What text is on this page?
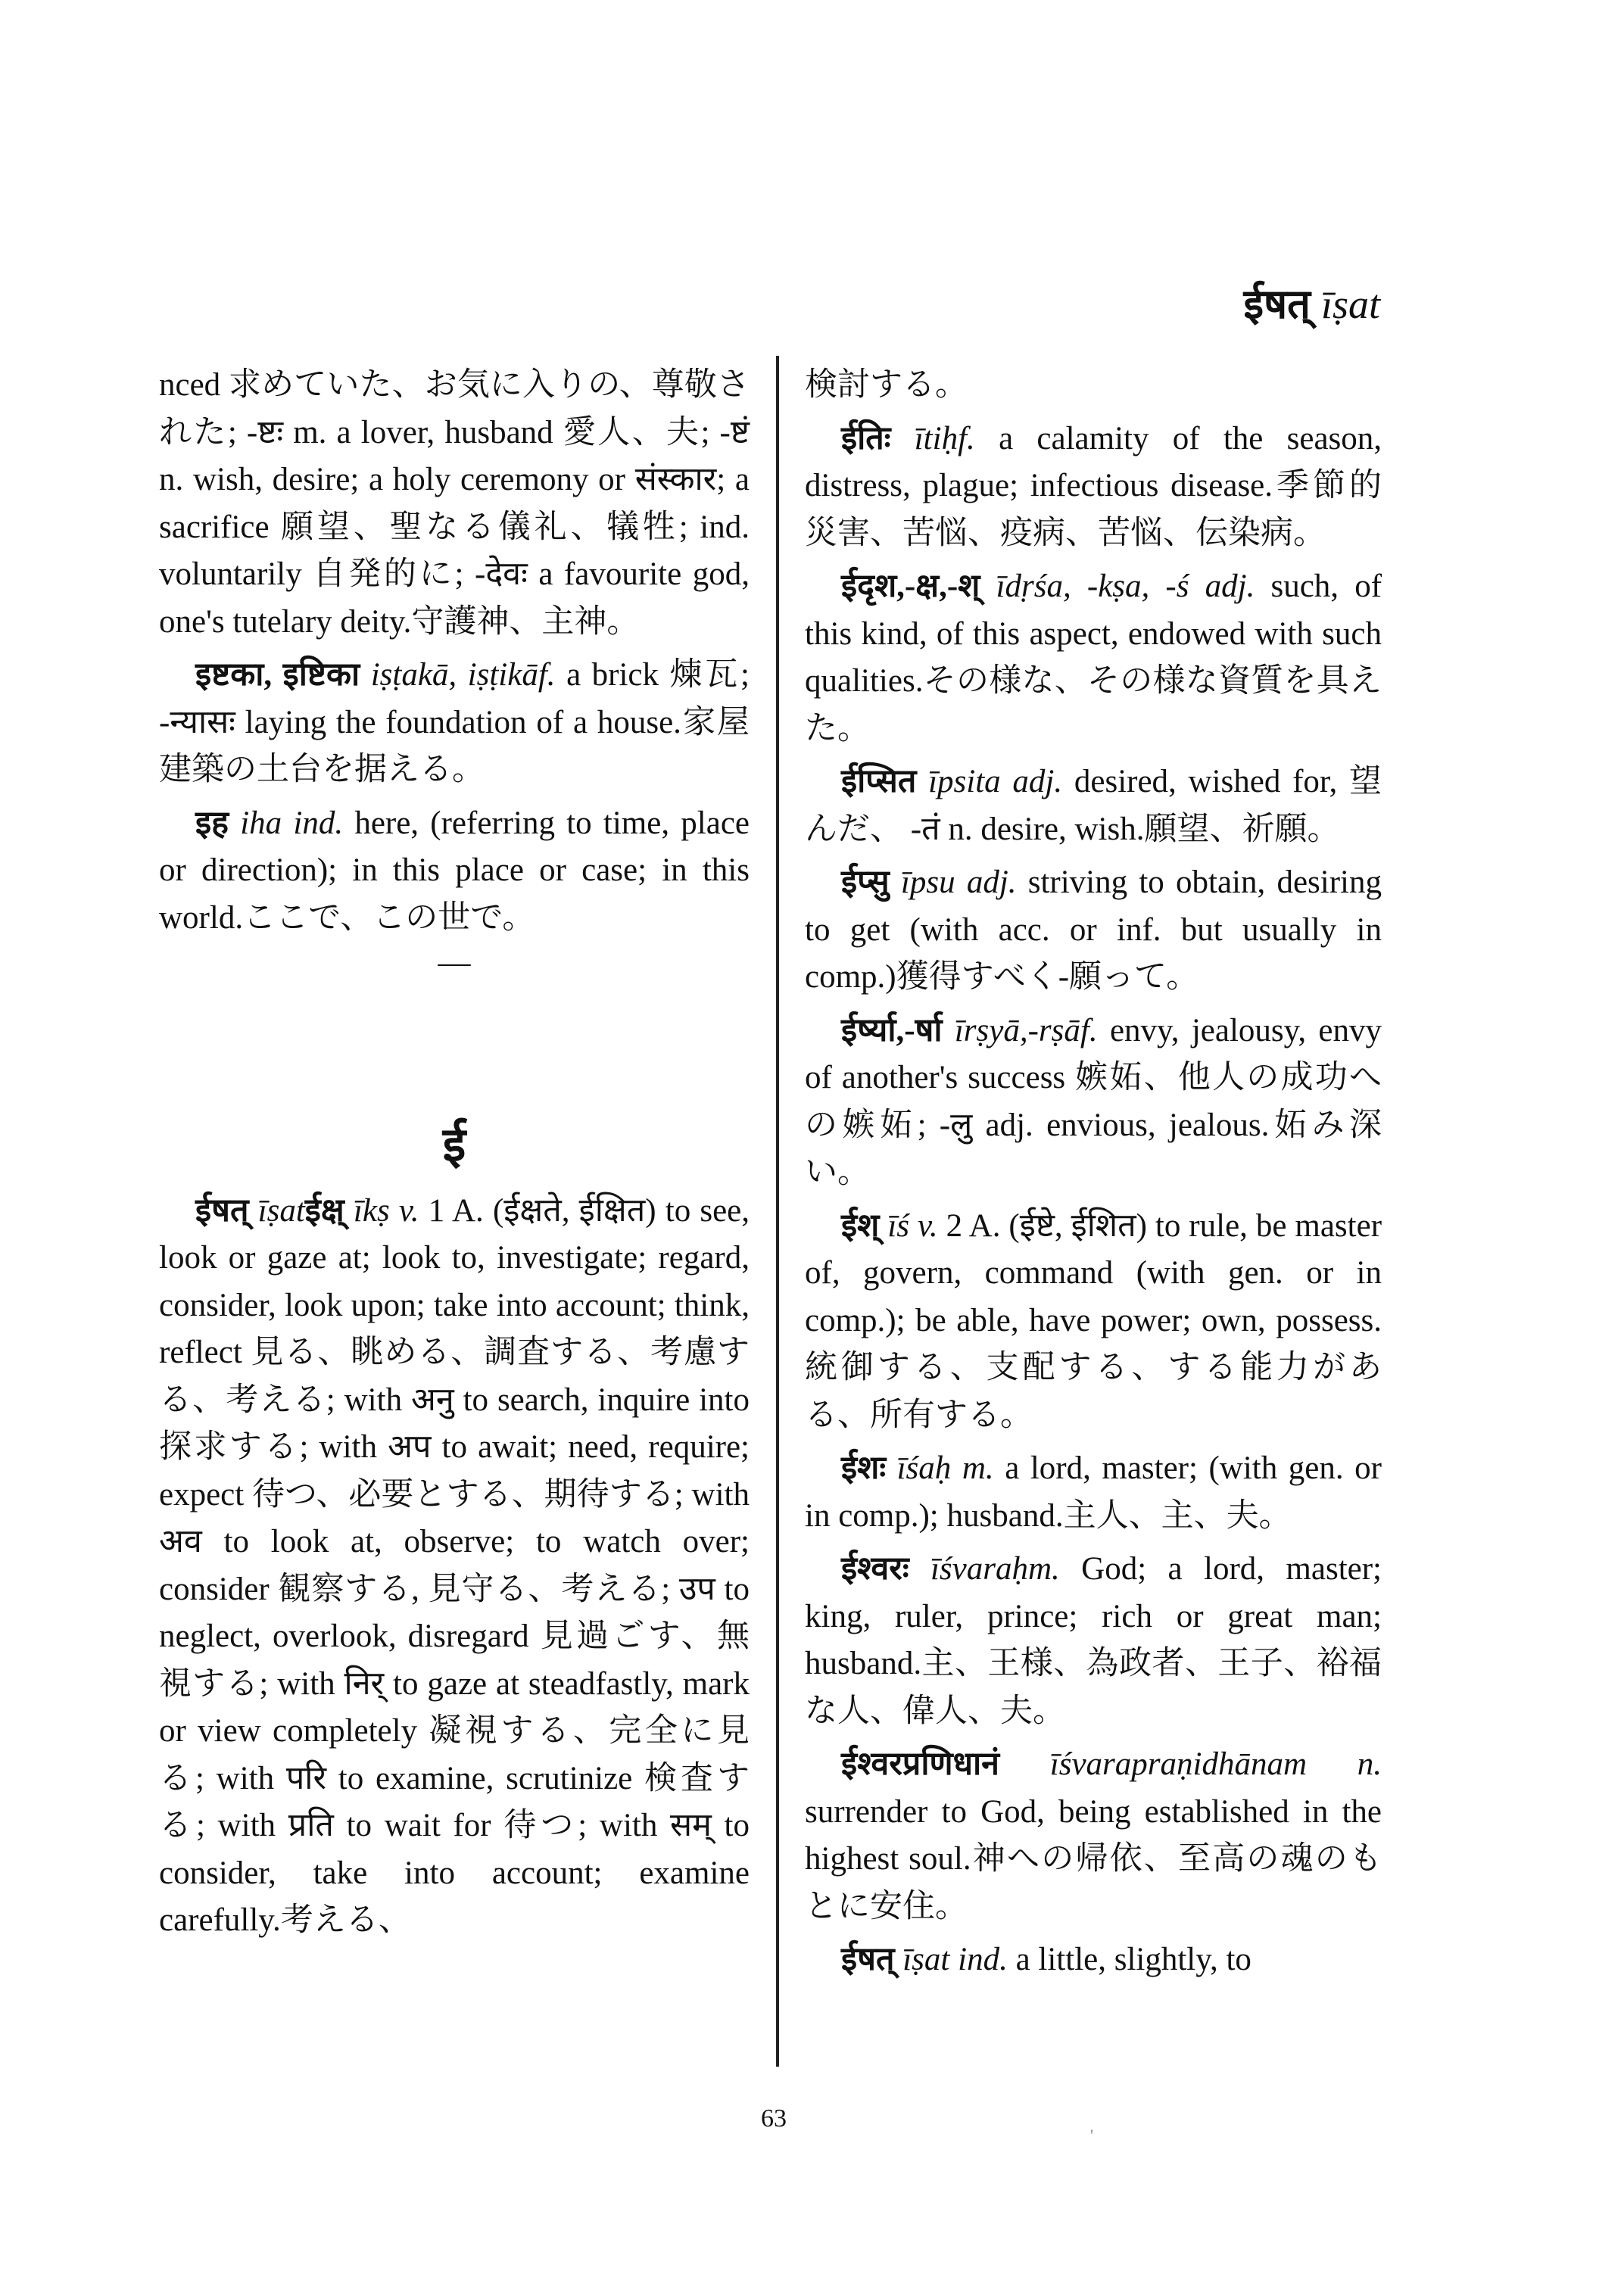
ईषत् īṣat

nced 求めていた、お気に入りの、尊敬された; -ष्टः m. a lover, husband 愛人、夫; -ष्टं n. wish, desire; a holy ceremony or संस्कार; a sacrifice 願望、聖なる儀礼、犠牲; ind. voluntarily 自発的に; -देवः a favourite god, one's tutelary deity.守護神、主神。

इष्टका, इष्टिका iṣṭakā, iṣṭikāf. a brick 煉瓦; -न्यासः laying the foundation of a house.家屋建築の土台を据える。

इह iha ind. here, (referring to time, place or direction); in this place or case; in this world.ここで、この世で。

—
ई

ईषत् īṣatईक्ष् īkṣ v. 1 A. (ईक्षते, ईक्षित) to see, look or gaze at; look to, investigate; regard, consider, look upon; take into account; think, reflect 見る、眺める、調査する、考慮する、考える; with अनु to search, inquire into 探求する; with अप to await; need, require; expect 待つ、必要とする、期待する; with अव to look at, observe; to watch over; consider 観察する, 見守る、考える; उप to neglect, overlook, disregard 見過ごす、無視する; with निर् to gaze at steadfastly, mark or view completely 凝視する、完全に見る; with परि to examine, scrutinize 検査する; with प्रति to wait for 待つ; with सम् to consider, take into account; examine carefully.考える、

検討する。

ईतिः ītiḥf. a calamity of the season, distress, plague; infectious disease.季節的災害、苦悩、疫病、苦悩、伝染病。

ईदृश,-क्ष,-श् īdṛśa, -kṣa, -ś adj. such, of this kind, of this aspect, endowed with such qualities.その様な、その様な資質を具えた。

ईप्सित īpsita adj. desired, wished for, 望んだ、 -तं n. desire, wish.願望、祈願。

ईप्सु īpsu adj. striving to obtain, desiring to get (with acc. or inf. but usually in comp.)獲得すべく-願って。

ईर्ष्या,-र्षा īrṣyā,-rṣāf. envy, jealousy, envy of another's success 嫉妬、他人の成功への嫉妬; -लु adj. envious, jealous.妬み深い。

ईश् īś v. 2 A. (ईष्टे, ईशित) to rule, be master of, govern, command (with gen. or in comp.); be able, have power; own, possess.統御する、支配する、する能力がある、所有する。

ईशः īśaḥ m. a lord, master; (with gen. or in comp.); husband.主人、主、夫。

ईश्वरः īśvaraḥm. God; a lord, master; king, ruler, prince; rich or great man; husband.主、王様、為政者、王子、裕福な人、偉人、夫。

ईश्वरप्रणिधानं īśvarapraṇidhānam n. surrender to God, being established in the highest soul.神への帰依、至高の魂のもとに安住。

ईषत् īṣat ind. a little, slightly, to

63
'
